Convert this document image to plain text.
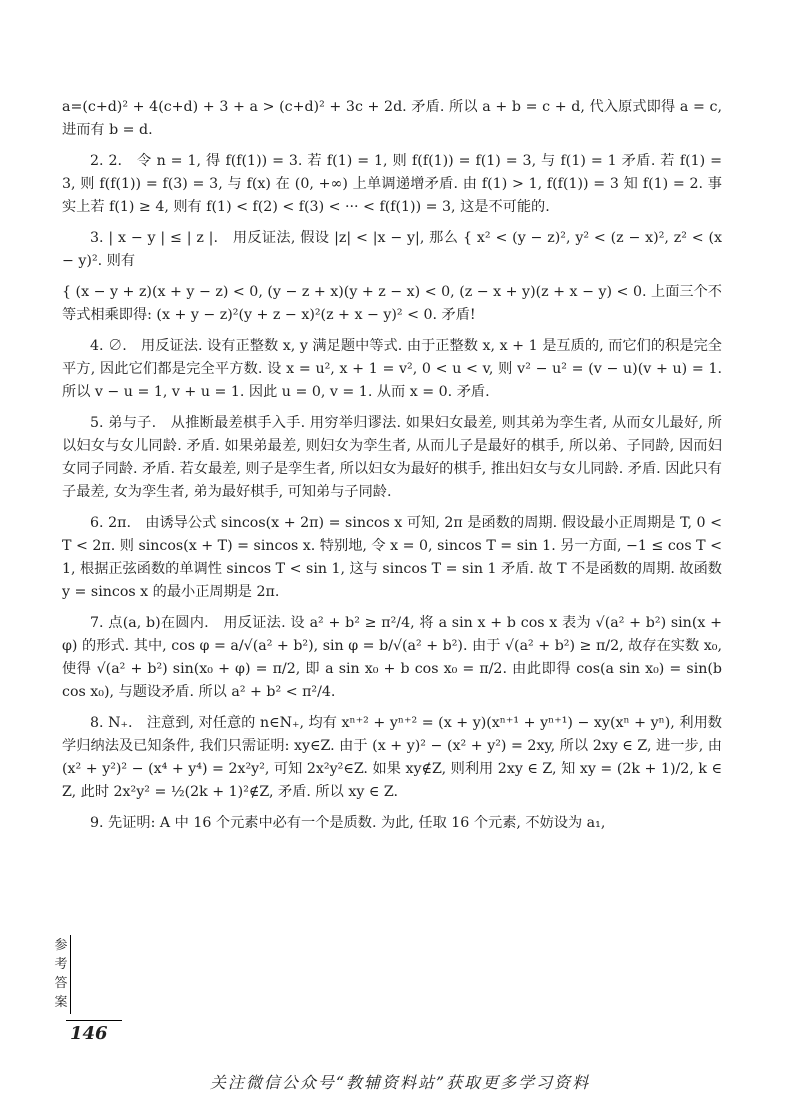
a=(c+d)² + 4(c+d) + 3 + a > (c+d)² + 3c + 2d. 矛盾. 所以 a + b = c + d, 代入原式即得 a = c, 进而有 b = d.

2. 2.　令 n = 1, 得 f(f(1)) = 3. 若 f(1) = 1, 则 f(f(1)) = f(1) = 3, 与 f(1) = 1 矛盾. 若 f(1) = 3, 则 f(f(1)) = f(3) = 3, 与 f(x) 在 (0, +∞) 上单调递增矛盾. 由 f(1) > 1, f(f(1)) = 3 知 f(1) = 2. 事实上若 f(1) ≥ 4, 则有 f(1) < f(2) < f(3) < ··· < f(f(1)) = 3, 这是不可能的.

3. | x − y | ≤ | z |.　用反证法, 假设 |z| < |x − y|, 那么 { x² < (y − z)², y² < (z − x)², z² < (x − y)². 则有

{ (x − y + z)(x + y − z) < 0, (y − z + x)(y + z − x) < 0, (z − x + y)(z + x − y) < 0. 上面三个不等式相乘即得: (x + y − z)²(y + z − x)²(z + x − y)² < 0. 矛盾!

4. ∅.　用反证法. 设有正整数 x, y 满足题中等式. 由于正整数 x, x + 1 是互质的, 而它们的积是完全平方, 因此它们都是完全平方数. 设 x = u², x + 1 = v², 0 < u < v, 则 v² − u² = (v − u)(v + u) = 1. 所以 v − u = 1, v + u = 1. 因此 u = 0, v = 1. 从而 x = 0. 矛盾.

5. 弟与子.　从推断最差棋手入手. 用穷举归谬法. 如果妇女最差, 则其弟为孪生者, 从而女儿最好, 所以妇女与女儿同龄. 矛盾. 如果弟最差, 则妇女为孪生者, 从而儿子是最好的棋手, 所以弟、子同龄, 因而妇女同子同龄. 矛盾. 若女最差, 则子是孪生者, 所以妇女为最好的棋手, 推出妇女与女儿同龄. 矛盾. 因此只有子最差, 女为孪生者, 弟为最好棋手, 可知弟与子同龄.

6. 2π.　由诱导公式 sincos(x + 2π) = sincos x 可知, 2π 是函数的周期. 假设最小正周期是 T, 0 < T < 2π. 则 sincos(x + T) = sincos x. 特别地, 令 x = 0, sincos T = sin 1. 另一方面, −1 ≤ cos T < 1, 根据正弦函数的单调性 sincos T < sin 1, 这与 sincos T = sin 1 矛盾. 故 T 不是函数的周期. 故函数 y = sincos x 的最小正周期是 2π.

7. 点(a, b)在圆内.　用反证法. 设 a² + b² ≥ π²/4, 将 a sin x + b cos x 表为 √(a² + b²) sin(x + φ) 的形式. 其中, cos φ = a/√(a² + b²), sin φ = b/√(a² + b²). 由于 √(a² + b²) ≥ π/2, 故存在实数 x₀, 使得 √(a² + b²) sin(x₀ + φ) = π/2, 即 a sin x₀ + b cos x₀ = π/2. 由此即得 cos(a sin x₀) = sin(b cos x₀), 与题设矛盾. 所以 a² + b² < π²/4.

8. N₊.　注意到, 对任意的 n∈N₊, 均有 xⁿ⁺² + yⁿ⁺² = (x + y)(xⁿ⁺¹ + yⁿ⁺¹) − xy(xⁿ + yⁿ), 利用数学归纳法及已知条件, 我们只需证明: xy∈Z. 由于 (x + y)² − (x² + y²) = 2xy, 所以 2xy ∈ Z, 进一步, 由 (x² + y²)² − (x⁴ + y⁴) = 2x²y², 可知 2x²y²∈Z. 如果 xy∉Z, 则利用 2xy ∈ Z, 知 xy = (2k + 1)/2, k ∈ Z, 此时 2x²y² = ½(2k + 1)²∉Z, 矛盾. 所以 xy ∈ Z.

9. 先证明: A 中 16 个元素中必有一个是质数. 为此, 任取 16 个元素, 不妨设为 a₁,

参
考
答
案
146
关注微信公众号“教辅资料站”获取更多学习资料
